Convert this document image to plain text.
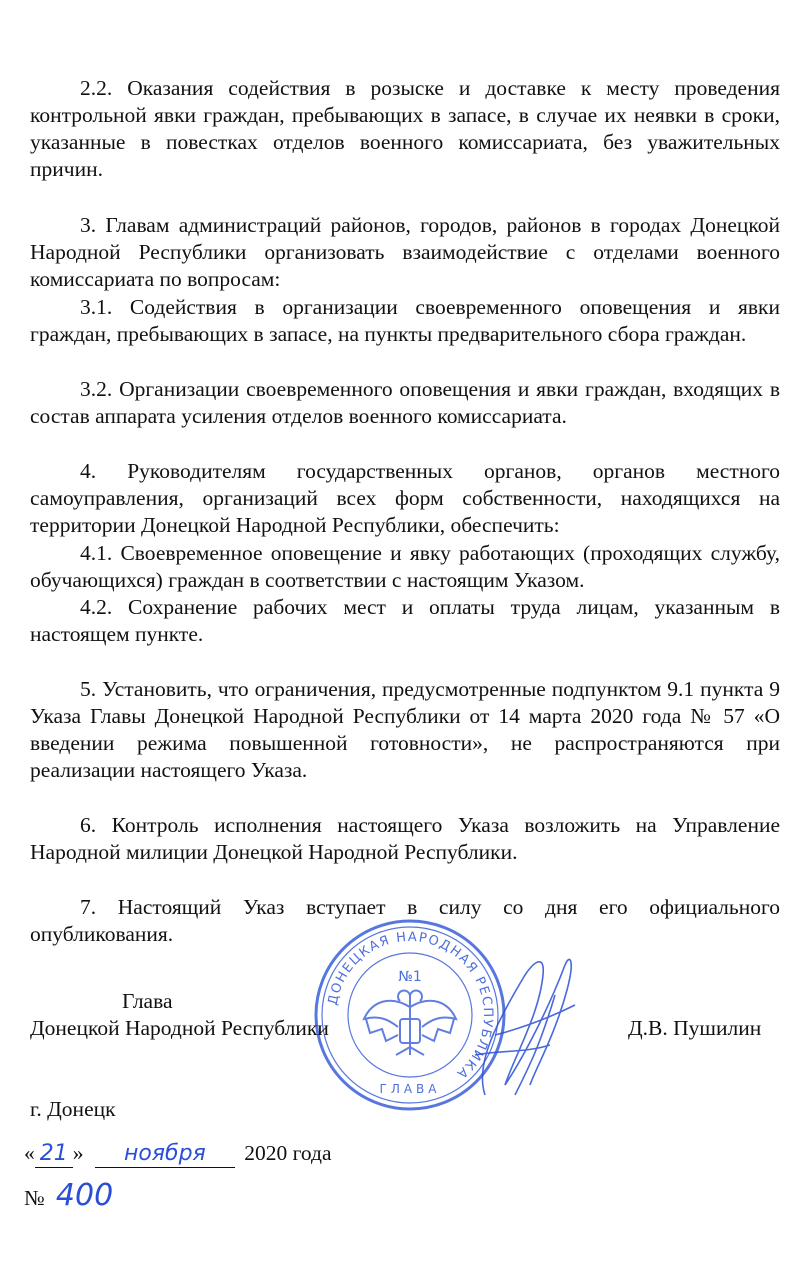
2.2. Оказания содействия в розыске и доставке к месту проведения контрольной явки граждан, пребывающих в запасе, в случае их неявки в сроки, указанные в повестках отделов военного комиссариата, без уважительных причин.

3. Главам администраций районов, городов, районов в городах Донецкой Народной Республики организовать взаимодействие с отделами военного комиссариата по вопросам:

3.1. Содействия в организации своевременного оповещения и явки граждан, пребывающих в запасе, на пункты предварительного сбора граждан.

3.2. Организации своевременного оповещения и явки граждан, входящих в состав аппарата усиления отделов военного комиссариата.

4. Руководителям государственных органов, органов местного самоуправления, организаций всех форм собственности, находящихся на территории Донецкой Народной Республики, обеспечить:

4.1. Своевременное оповещение и явку работающих (проходящих службу, обучающихся) граждан в соответствии с настоящим Указом.

4.2. Сохранение рабочих мест и оплаты труда лицам, указанным в настоящем пункте.

5. Установить, что ограничения, предусмотренные подпунктом 9.1 пункта 9 Указа Главы Донецкой Народной Республики от 14 марта 2020 года № 57 «О введении режима повышенной готовности», не распространяются при реализации настоящего Указа.

6. Контроль исполнения настоящего Указа возложить на Управление Народной милиции Донецкой Народной Республики.

7. Настоящий Указ вступает в силу со дня его официального опубликования.

ДОНЕЦКАЯ НАРОДНАЯ РЕСПУБЛИКА
ГЛАВА
№1
Глава
Донецкой Народной Республики	Д.В. Пушилин
г. Донецк
« 21 » ноября 2020 года
№ 400
